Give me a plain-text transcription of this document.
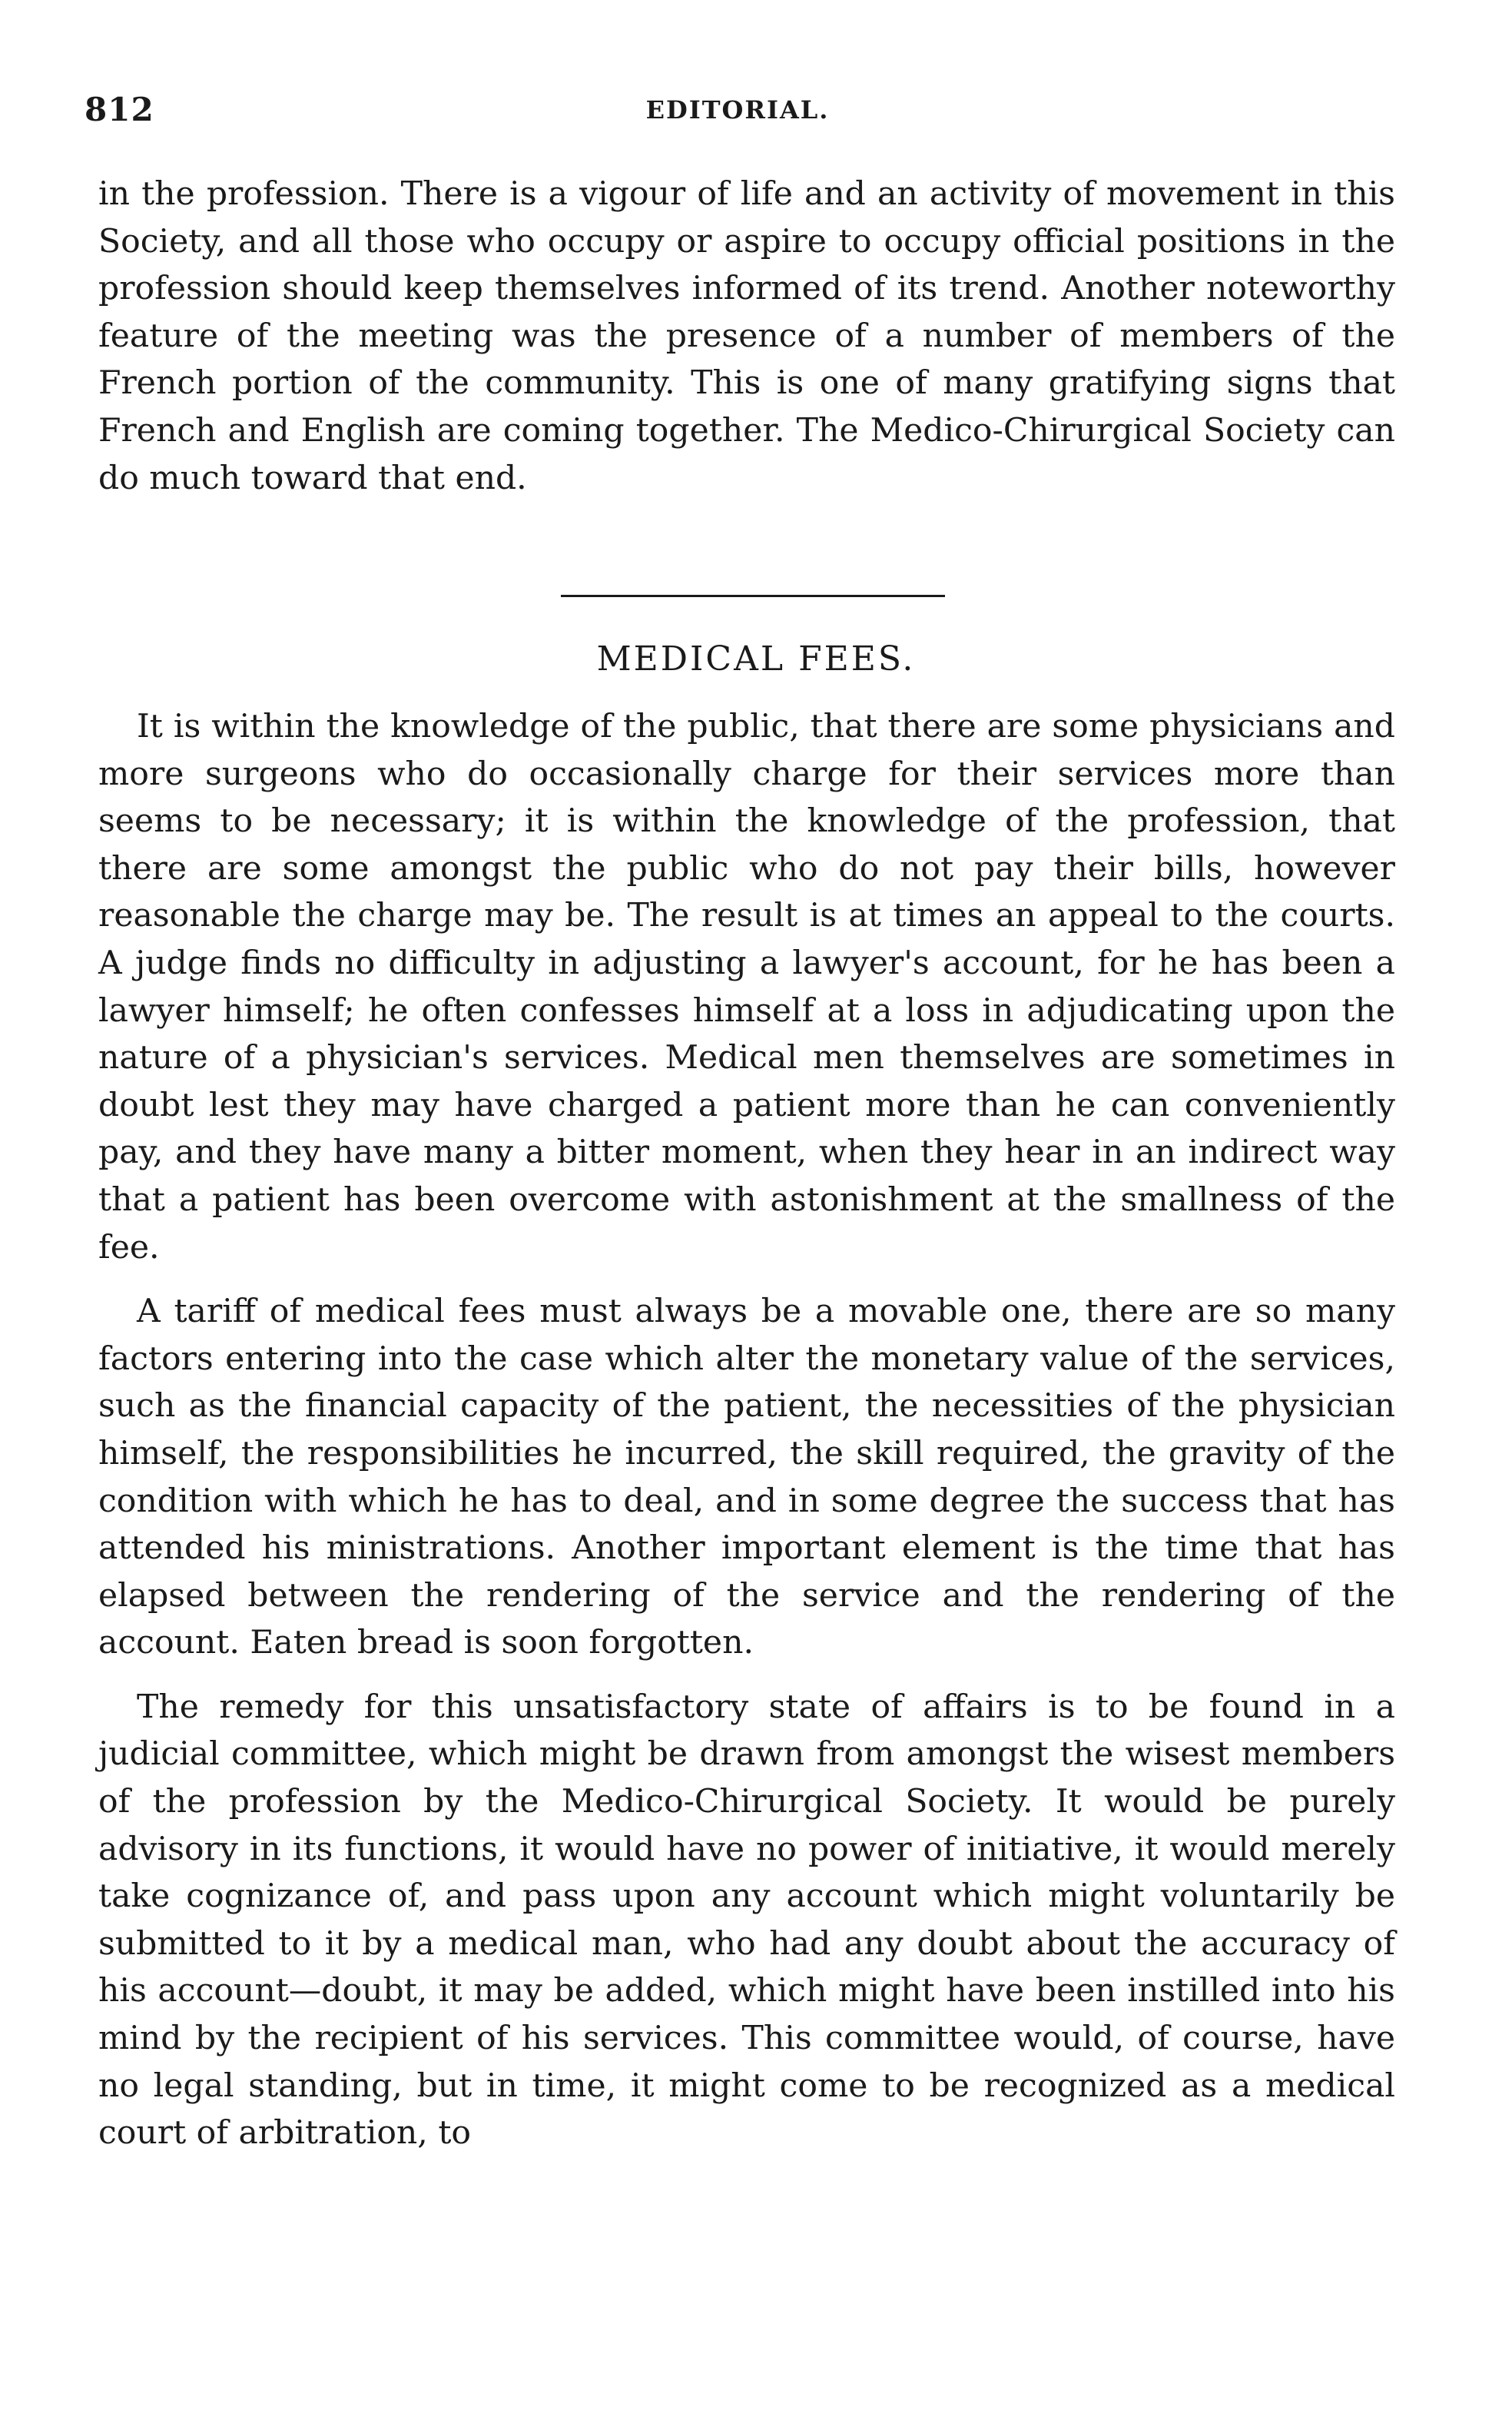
812	EDITORIAL.

in the profession. There is a vigour of life and an activity of movement in this Society, and all those who occupy or aspire to occupy official positions in the profession should keep themselves informed of its trend. Another noteworthy feature of the meeting was the presence of a number of members of the French portion of the community. This is one of many gratifying signs that French and English are coming together. The Medico-Chirurgical Society can do much toward that end.

MEDICAL FEES.

It is within the knowledge of the public, that there are some physicians and more surgeons who do occasionally charge for their services more than seems to be necessary; it is within the knowledge of the profession, that there are some amongst the public who do not pay their bills, however reasonable the charge may be. The result is at times an appeal to the courts. A judge finds no difficulty in adjusting a lawyer's account, for he has been a lawyer himself; he often confesses himself at a loss in adjudicating upon the nature of a physician's services. Medical men themselves are sometimes in doubt lest they may have charged a patient more than he can conveniently pay, and they have many a bitter moment, when they hear in an indirect way that a patient has been overcome with astonishment at the smallness of the fee.

A tariff of medical fees must always be a movable one, there are so many factors entering into the case which alter the monetary value of the services, such as the financial capacity of the patient, the necessities of the physician himself, the responsibilities he incurred, the skill required, the gravity of the condition with which he has to deal, and in some degree the success that has attended his ministrations. Another important element is the time that has elapsed between the rendering of the service and the rendering of the account. Eaten bread is soon forgotten.

The remedy for this unsatisfactory state of affairs is to be found in a judicial committee, which might be drawn from amongst the wisest members of the profession by the Medico-Chirurgical Society. It would be purely advisory in its functions, it would have no power of initiative, it would merely take cognizance of, and pass upon any account which might voluntarily be submitted to it by a medical man, who had any doubt about the accuracy of his account—doubt, it may be added, which might have been instilled into his mind by the recipient of his services. This committee would, of course, have no legal standing, but in time, it might come to be recognized as a medical court of arbitration, to
